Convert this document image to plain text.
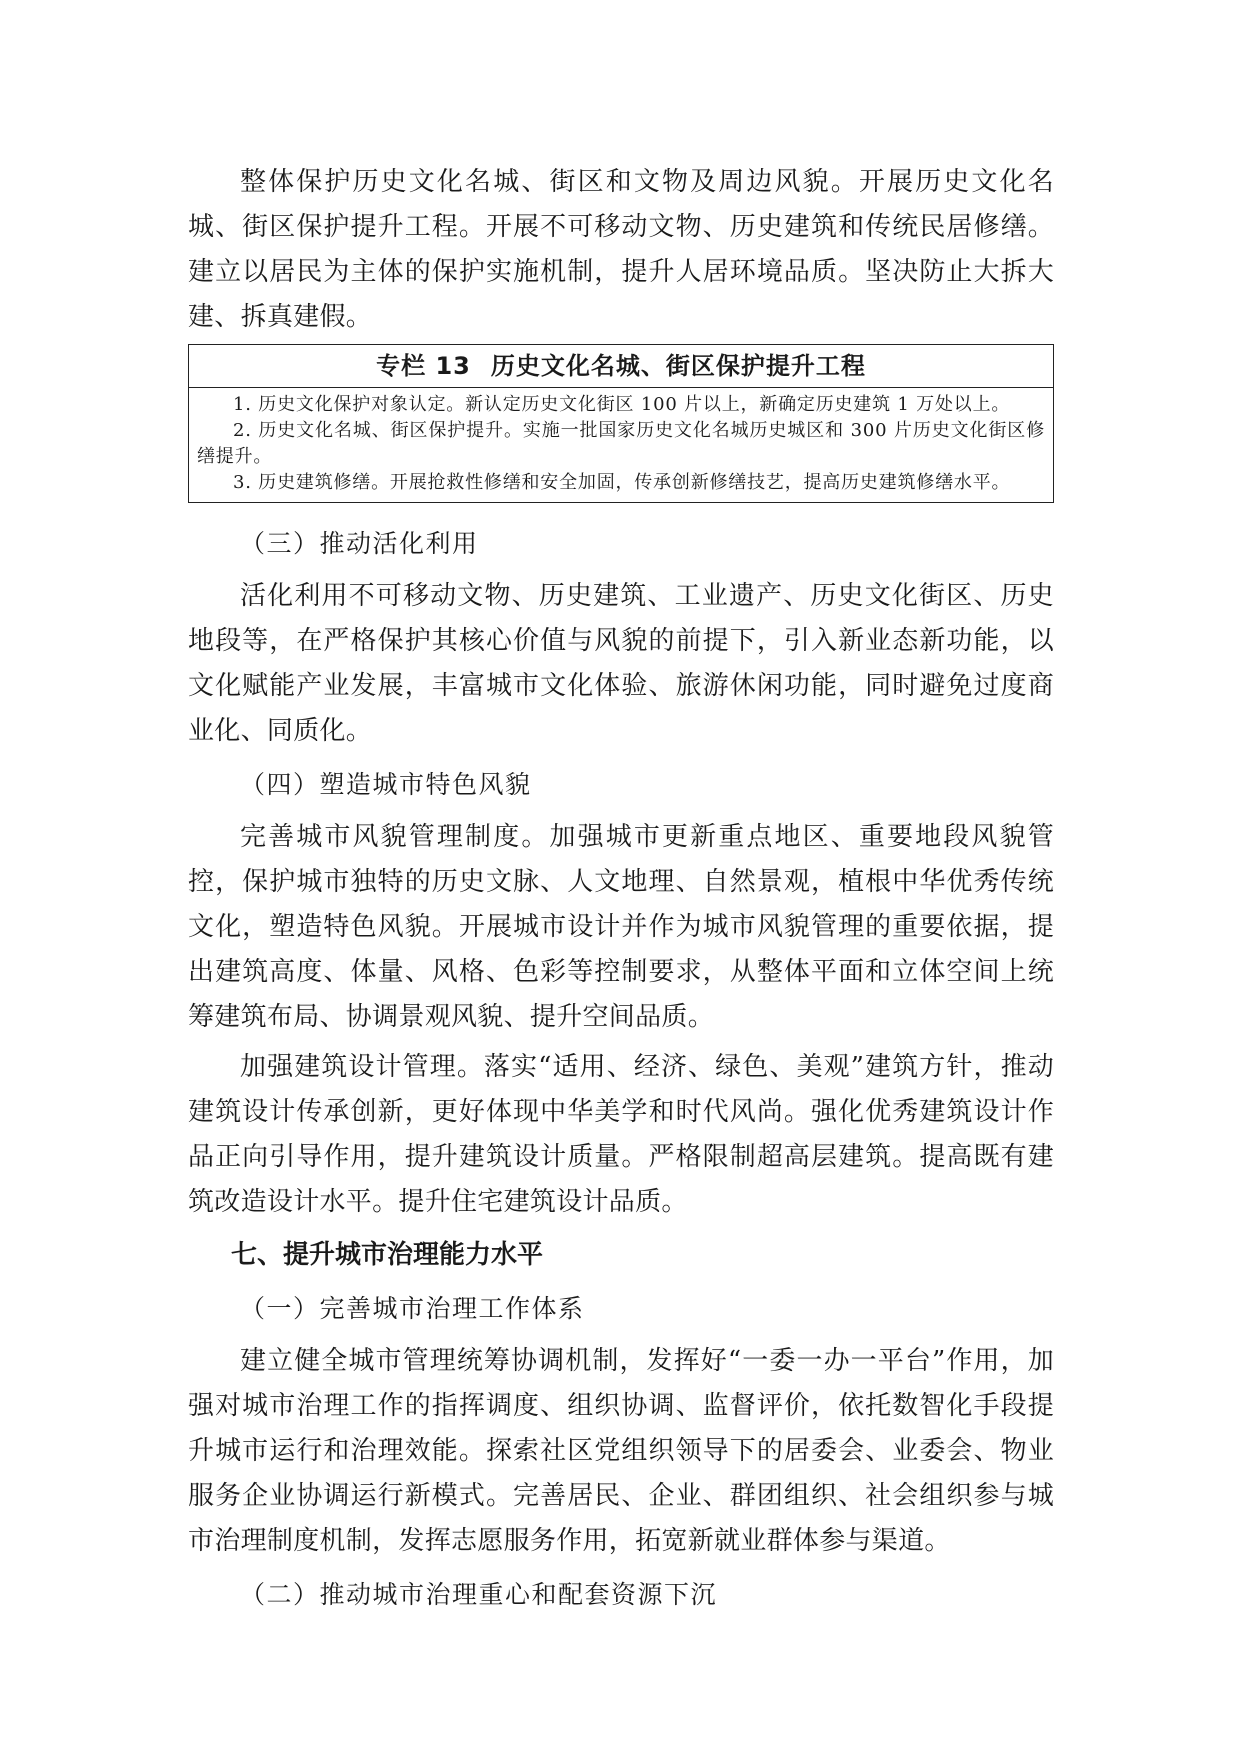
整体保护历史文化名城、街区和文物及周边风貌。开展历史文化名城、街区保护提升工程。开展不可移动文物、历史建筑和传统民居修缮。建立以居民为主体的保护实施机制，提升人居环境品质。坚决防止大拆大建、拆真建假。

专栏 13 历史文化名城、街区保护提升工程

1. 历史文化保护对象认定。新认定历史文化街区 100 片以上，新确定历史建筑 1 万处以上。

2. 历史文化名城、街区保护提升。实施一批国家历史文化名城历史城区和 300 片历史文化街区修缮提升。

3. 历史建筑修缮。开展抢救性修缮和安全加固，传承创新修缮技艺，提高历史建筑修缮水平。

（三）推动活化利用

活化利用不可移动文物、历史建筑、工业遗产、历史文化街区、历史地段等，在严格保护其核心价值与风貌的前提下，引入新业态新功能，以文化赋能产业发展，丰富城市文化体验、旅游休闲功能，同时避免过度商业化、同质化。

（四）塑造城市特色风貌

完善城市风貌管理制度。加强城市更新重点地区、重要地段风貌管控，保护城市独特的历史文脉、人文地理、自然景观，植根中华优秀传统文化，塑造特色风貌。开展城市设计并作为城市风貌管理的重要依据，提出建筑高度、体量、风格、色彩等控制要求，从整体平面和立体空间上统筹建筑布局、协调景观风貌、提升空间品质。

加强建筑设计管理。落实“适用、经济、绿色、美观”建筑方针，推动建筑设计传承创新，更好体现中华美学和时代风尚。强化优秀建筑设计作品正向引导作用，提升建筑设计质量。严格限制超高层建筑。提高既有建筑改造设计水平。提升住宅建筑设计品质。

七、提升城市治理能力水平

（一）完善城市治理工作体系

建立健全城市管理统筹协调机制，发挥好“一委一办一平台”作用，加强对城市治理工作的指挥调度、组织协调、监督评价，依托数智化手段提升城市运行和治理效能。探索社区党组织领导下的居委会、业委会、物业服务企业协调运行新模式。完善居民、企业、群团组织、社会组织参与城市治理制度机制，发挥志愿服务作用，拓宽新就业群体参与渠道。

（二）推动城市治理重心和配套资源下沉
